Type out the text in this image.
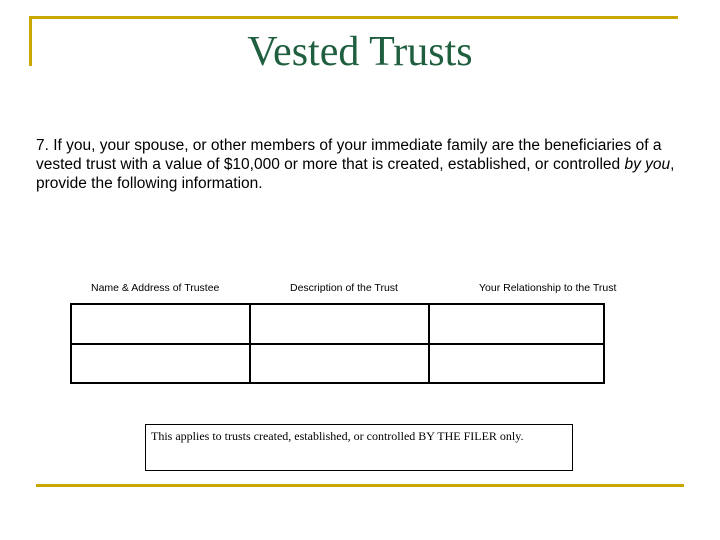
Vested Trusts
7. If you, your spouse, or other members of your immediate family are the beneficiaries of a vested trust with a value of $10,000 or more that is created, established, or controlled by you, provide the following information.
Name & Address of Trustee	Description of the Trust	Your Relationship to the Trust

This applies to trusts created, established, or controlled BY THE FILER only.
